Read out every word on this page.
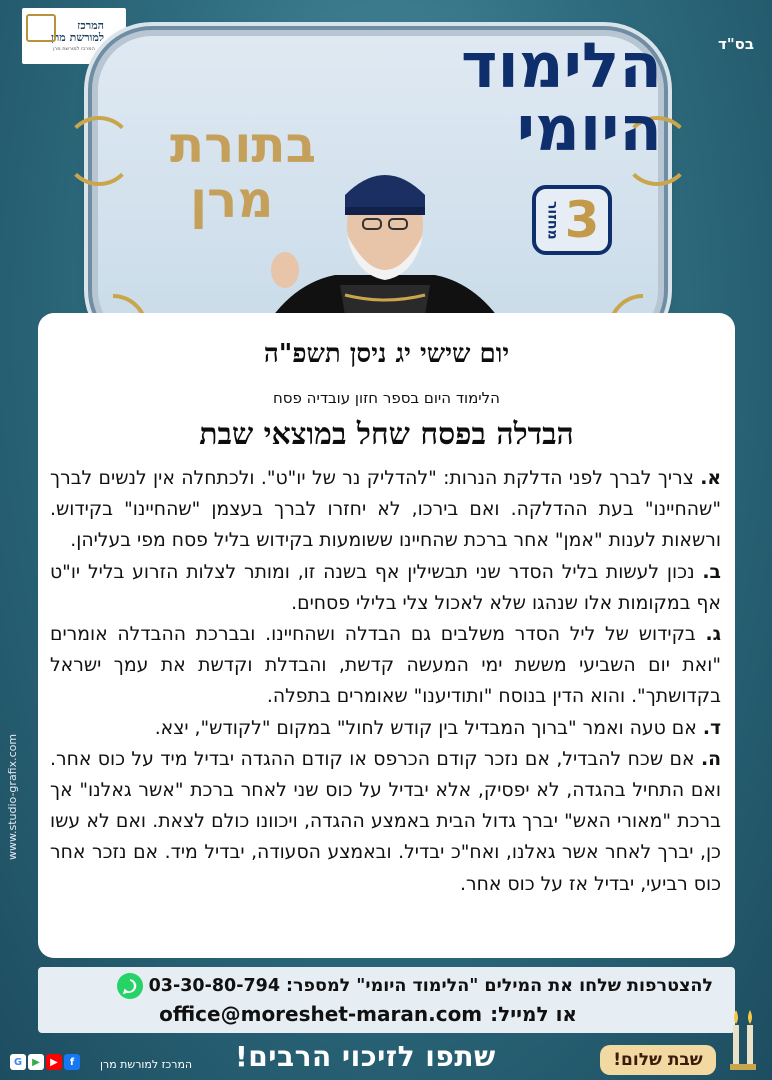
בס"ד
המרכז למורשת מרן
המרכז למורשת מרן	הלימוד
היומי
בתורת
מרן	מחזור 3
יום שישי יג ניסן תשפ"ה
הלימוד היום בספר חזון עובדיה פסח
הבדלה בפסח שחל במוצאי שבת

א. צריך לברך לפני הדלקת הנרות: "להדליק נר של יו"ט". ולכתחלה אין לנשים לברך "שהחיינו" בעת ההדלקה. ואם בירכו, לא יחזרו לברך בעצמן "שהחיינו" בקידוש. ורשאות לענות "אמן" אחר ברכת שהחיינו ששומעות בקידוש בליל פסח מפי בעליהן.

ב. נכון לעשות בליל הסדר שני תבשילין אף בשנה זו, ומותר לצלות הזרוע בליל יו"ט אף במקומות אלו שנהגו שלא לאכול צלי בלילי פסחים.

ג. בקידוש של ליל הסדר משלבים גם הבדלה ושהחיינו. ובברכת ההבדלה אומרים "ואת יום השביעי מששת ימי המעשה קדשת, והבדלת וקדשת את עמך ישראל בקדושתך". והוא הדין בנוסח "ותודיענו" שאומרים בתפלה.

ד. אם טעה ואמר "ברוך המבדיל בין קודש לחול" במקום "לקודש", יצא.

ה. אם שכח להבדיל, אם נזכר קודם הכרפס או קודם ההגדה יבדיל מיד על כוס אחר. ואם התחיל בהגדה, לא יפסיק, אלא יבדיל על כוס שני לאחר ברכת "אשר גאלנו" אך ברכת "מאורי האש" יברך גדול הבית באמצע ההגדה, ויכוונו כולם לצאת. ואם לא עשו כן, יברך לאחר אשר גאלנו, ואח"כ יבדיל. ובאמצע הסעודה, יבדיל מיד. אם נזכר אחר כוס רביעי, יבדיל אז על כוס אחר.

להצטרפות שלחו את המילים "הלימוד היומי" למספר:
03-30-80-794
או למייל:
office@moreshet-maran.com
שתפו לזיכוי הרבים!	שבת שלום!
G	▶	▶	f	המרכז למורשת מרן
www.studio-grafix.com
